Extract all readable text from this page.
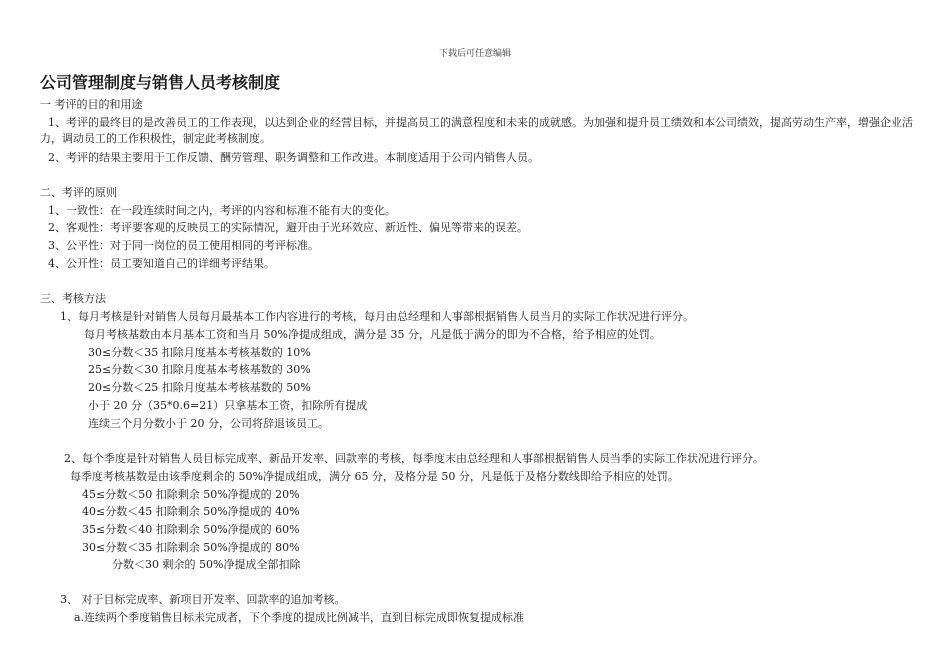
下载后可任意编辑
公司管理制度与销售人员考核制度
一 考评的目的和用途
1、考评的最终目的是改善员工的工作表现，以达到企业的经营目标，并提高员工的满意程度和未来的成就感。为加强和提升员工绩效和本公司绩效，提高劳动生产率，增强企业活力，调动员工的工作积极性，制定此考核制度。
2、考评的结果主要用于工作反馈、酬劳管理、职务调整和工作改进。本制度适用于公司内销售人员。
二、考评的原则
1、一致性：在一段连续时间之内，考评的内容和标准不能有大的变化。
2、客观性：考评要客观的反映员工的实际情况，避开由于光环效应、新近性、偏见等带来的误差。
3、公平性：对于同一岗位的员工使用相同的考评标准。
4、公开性：员工要知道自己的详细考评结果。
三、考核方法
1、每月考核是针对销售人员每月最基本工作内容进行的考核，每月由总经理和人事部根据销售人员当月的实际工作状况进行评分。
每月考核基数由本月基本工资和当月 50%净提成组成，满分是 35 分，凡是低于满分的即为不合格，给予相应的处罚。
30≤分数＜35 扣除月度基本考核基数的 10%
25≤分数＜30 扣除月度基本考核基数的 30%
20≤分数＜25 扣除月度基本考核基数的 50%
小于 20 分（35*0.6=21）只拿基本工资，扣除所有提成
连续三个月分数小于 20 分，公司将辞退该员工。
2、每个季度是针对销售人员目标完成率、新品开发率、回款率的考核，每季度末由总经理和人事部根据销售人员当季的实际工作状况进行评分。
每季度考核基数是由该季度剩余的 50%净提成组成，满分 65 分，及格分是 50 分，凡是低于及格分数线即给予相应的处罚。
45≤分数＜50 扣除剩余 50%净提成的 20%
40≤分数＜45 扣除剩余 50%净提成的 40%
35≤分数＜40 扣除剩余 50%净提成的 60%
30≤分数＜35 扣除剩余 50%净提成的 80%
分数＜30 剩余的 50%净提成全部扣除
3、 对于目标完成率、新项目开发率、回款率的追加考核。
a.连续两个季度销售目标未完成者，下个季度的提成比例减半，直到目标完成即恢复提成标准
